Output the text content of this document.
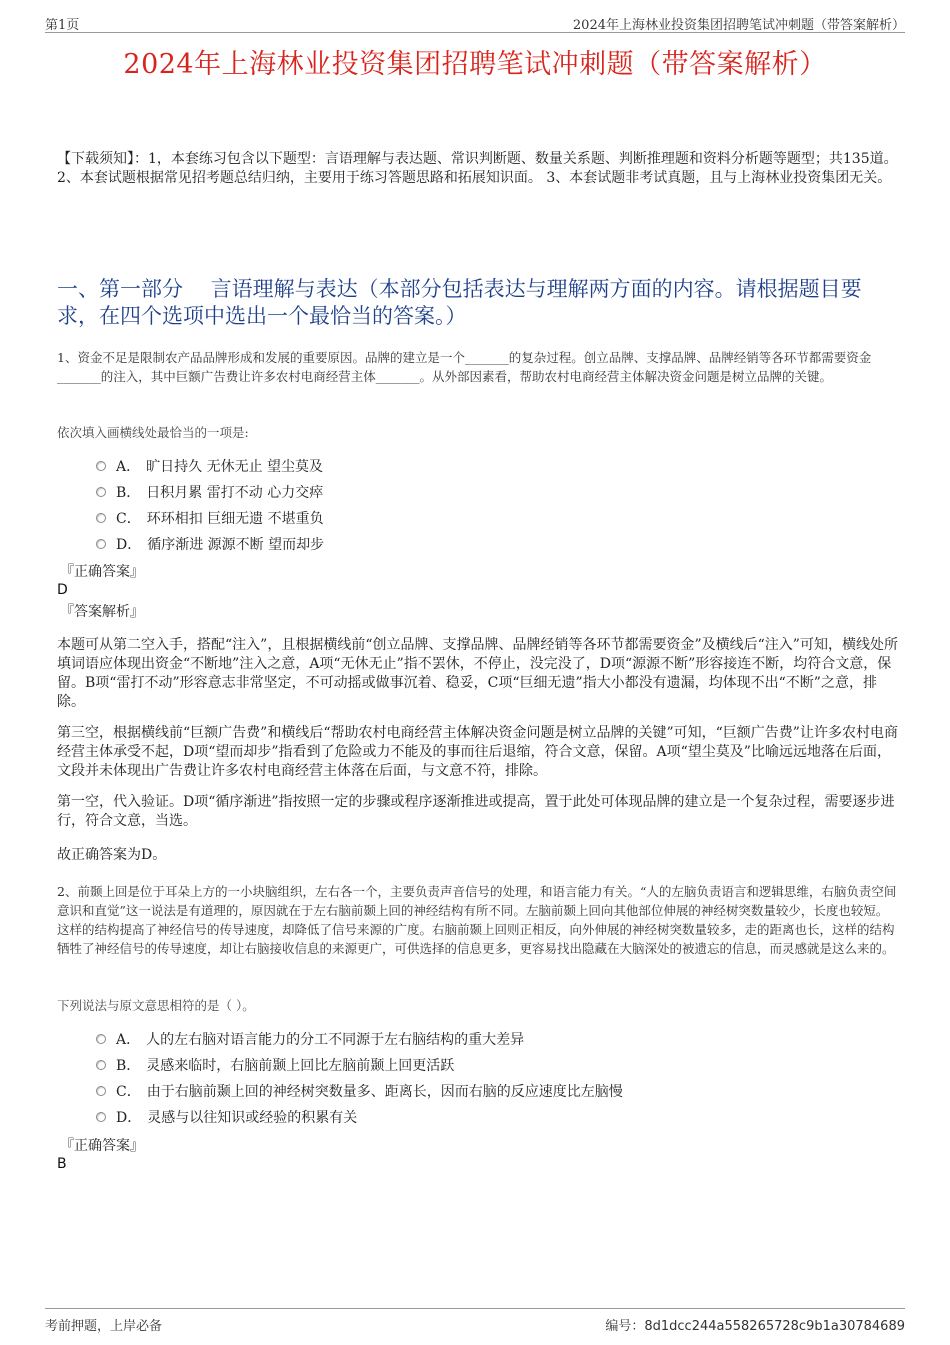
第1页	2024年上海林业投资集团招聘笔试冲刺题（带答案解析）
2024年上海林业投资集团招聘笔试冲刺题（带答案解析）
【下载须知】：1，本套练习包含以下题型：言语理解与表达题、常识判断题、数量关系题、判断推理题和资料分析题等题型；共135道。 2、本套试题根据常见招考题总结归纳，主要用于练习答题思路和拓展知识面。 3、本套试题非考试真题，且与上海林业投资集团无关。
一、第一部分　 言语理解与表达（本部分包括表达与理解两方面的内容。请根据题目要求，在四个选项中选出一个最恰当的答案。）
1、资金不足是限制农产品品牌形成和发展的重要原因。品牌的建立是一个_______的复杂过程。创立品牌、支撑品牌、品牌经销等各环节都需要资金_______的注入，其中巨额广告费让许多农村电商经营主体_______。从外部因素看，帮助农村电商经营主体解决资金问题是树立品牌的关键。
依次填入画横线处最恰当的一项是:
A． 旷日持久 无休无止 望尘莫及
B． 日积月累 雷打不动 心力交瘁
C． 环环相扣 巨细无遗 不堪重负
D． 循序渐进 源源不断 望而却步
『正确答案』
D
『答案解析』
本题可从第二空入手，搭配“注入”，且根据横线前“创立品牌、支撑品牌、品牌经销等各环节都需要资金”及横线后“注入”可知，横线处所填词语应体现出资金“不断地”注入之意，A项“无休无止”指不罢休，不停止，没完没了，D项“源源不断”形容接连不断，均符合文意，保留。B项“雷打不动”形容意志非常坚定，不可动摇或做事沉着、稳妥，C项“巨细无遗”指大小都没有遗漏，均体现不出“不断”之意，排除。
第三空，根据横线前“巨额广告费”和横线后“帮助农村电商经营主体解决资金问题是树立品牌的关键”可知，“巨额广告费”让许多农村电商经营主体承受不起，D项“望而却步”指看到了危险或力不能及的事而往后退缩，符合文意，保留。A项“望尘莫及”比喻远远地落在后面，文段并未体现出广告费让许多农村电商经营主体落在后面，与文意不符，排除。
第一空，代入验证。D项“循序渐进”指按照一定的步骤或程序逐渐推进或提高，置于此处可体现品牌的建立是一个复杂过程，需要逐步进行，符合文意，当选。
故正确答案为D。
2、前颞上回是位于耳朵上方的一小块脑组织，左右各一个，主要负责声音信号的处理，和语言能力有关。“人的左脑负责语言和逻辑思维，右脑负责空间意识和直觉”这一说法是有道理的，原因就在于左右脑前颞上回的神经结构有所不同。左脑前颞上回向其他部位伸展的神经树突数量较少，长度也较短。这样的结构提高了神经信号的传导速度，却降低了信号来源的广度。右脑前颞上回则正相反，向外伸展的神经树突数量较多，走的距离也长，这样的结构牺牲了神经信号的传导速度，却让右脑接收信息的来源更广，可供选择的信息更多，更容易找出隐藏在大脑深处的被遗忘的信息，而灵感就是这么来的。
下列说法与原文意思相符的是（ ）。
A． 人的左右脑对语言能力的分工不同源于左右脑结构的重大差异
B． 灵感来临时，右脑前颞上回比左脑前颞上回更活跃
C． 由于右脑前颞上回的神经树突数量多、距离长，因而右脑的反应速度比左脑慢
D． 灵感与以往知识或经验的积累有关
『正确答案』
B
考前押题，上岸必备	编号：8d1dcc244a558265728c9b1a30784689
